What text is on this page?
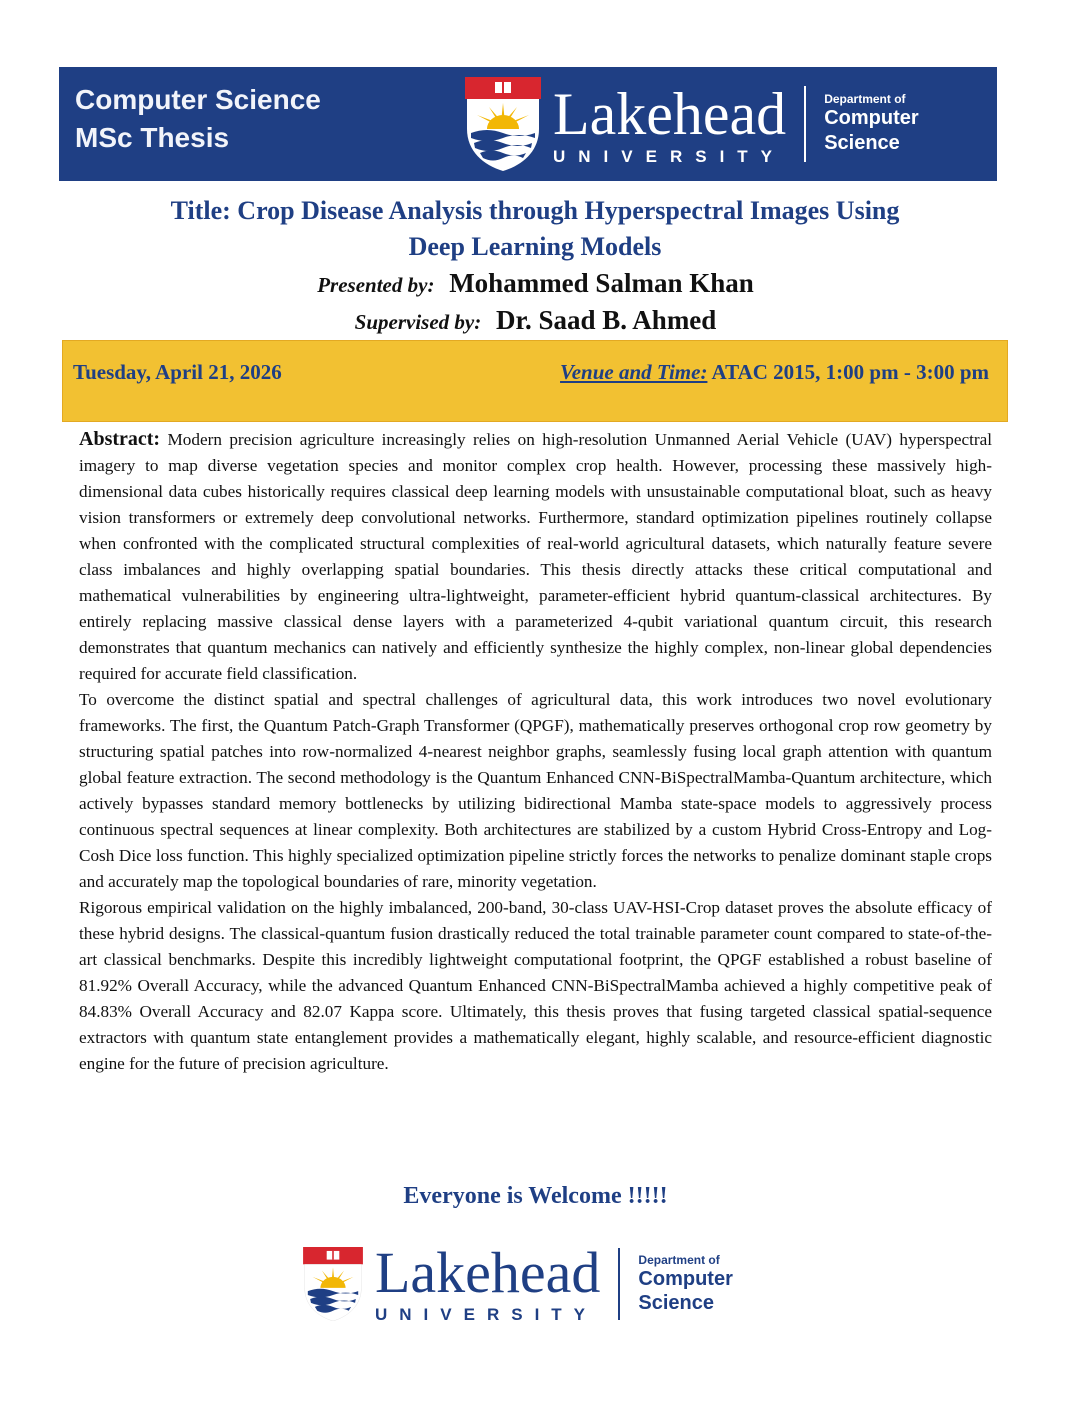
Computer Science
MSc Thesis	Lakehead
UNIVERSITY
Department of
Computer
Science
Title: Crop Disease Analysis through Hyperspectral Images Using
Deep Learning Models
Presented by: Mohammed Salman Khan
Supervised by: Dr. Saad B. Ahmed
Tuesday, April 21, 2026	Venue and Time: ATAC 2015, 1:00 pm - 3:00 pm

Abstract: Modern precision agriculture increasingly relies on high-resolution Unmanned Aerial Vehicle (UAV) hyperspectral imagery to map diverse vegetation species and monitor complex crop health. However, processing these massively high-dimensional data cubes historically requires classical deep learning models with unsustainable computational bloat, such as heavy vision transformers or extremely deep convolutional networks. Furthermore, standard optimization pipelines routinely collapse when confronted with the complicated structural complexities of real-world agricultural datasets, which naturally feature severe class imbalances and highly overlapping spatial boundaries. This thesis directly attacks these critical computational and mathematical vulnerabilities by engineering ultra-lightweight, parameter-efficient hybrid quantum-classical architectures. By entirely replacing massive classical dense layers with a parameterized 4-qubit variational quantum circuit, this research demonstrates that quantum mechanics can natively and efficiently synthesize the highly complex, non-linear global dependencies required for accurate field classification.

To overcome the distinct spatial and spectral challenges of agricultural data, this work introduces two novel evolutionary frameworks. The first, the Quantum Patch-Graph Transformer (QPGF), mathematically preserves orthogonal crop row geometry by structuring spatial patches into row-normalized 4-nearest neighbor graphs, seamlessly fusing local graph attention with quantum global feature extraction. The second methodology is the Quantum Enhanced CNN-BiSpectralMamba-Quantum architecture, which actively bypasses standard memory bottlenecks by utilizing bidirectional Mamba state-space models to aggressively process continuous spectral sequences at linear complexity. Both architectures are stabilized by a custom Hybrid Cross-Entropy and Log-Cosh Dice loss function. This highly specialized optimization pipeline strictly forces the networks to penalize dominant staple crops and accurately map the topological boundaries of rare, minority vegetation.

Rigorous empirical validation on the highly imbalanced, 200-band, 30-class UAV-HSI-Crop dataset proves the absolute efficacy of these hybrid designs. The classical-quantum fusion drastically reduced the total trainable parameter count compared to state-of-the-art classical benchmarks. Despite this incredibly lightweight computational footprint, the QPGF established a robust baseline of 81.92% Overall Accuracy, while the advanced Quantum Enhanced CNN-BiSpectralMamba achieved a highly competitive peak of 84.83% Overall Accuracy and 82.07 Kappa score. Ultimately, this thesis proves that fusing targeted classical spatial-sequence extractors with quantum state entanglement provides a mathematically elegant, highly scalable, and resource-efficient diagnostic engine for the future of precision agriculture.

Everyone is Welcome !!!!!
Lakehead
UNIVERSITY
Department of
Computer
Science
